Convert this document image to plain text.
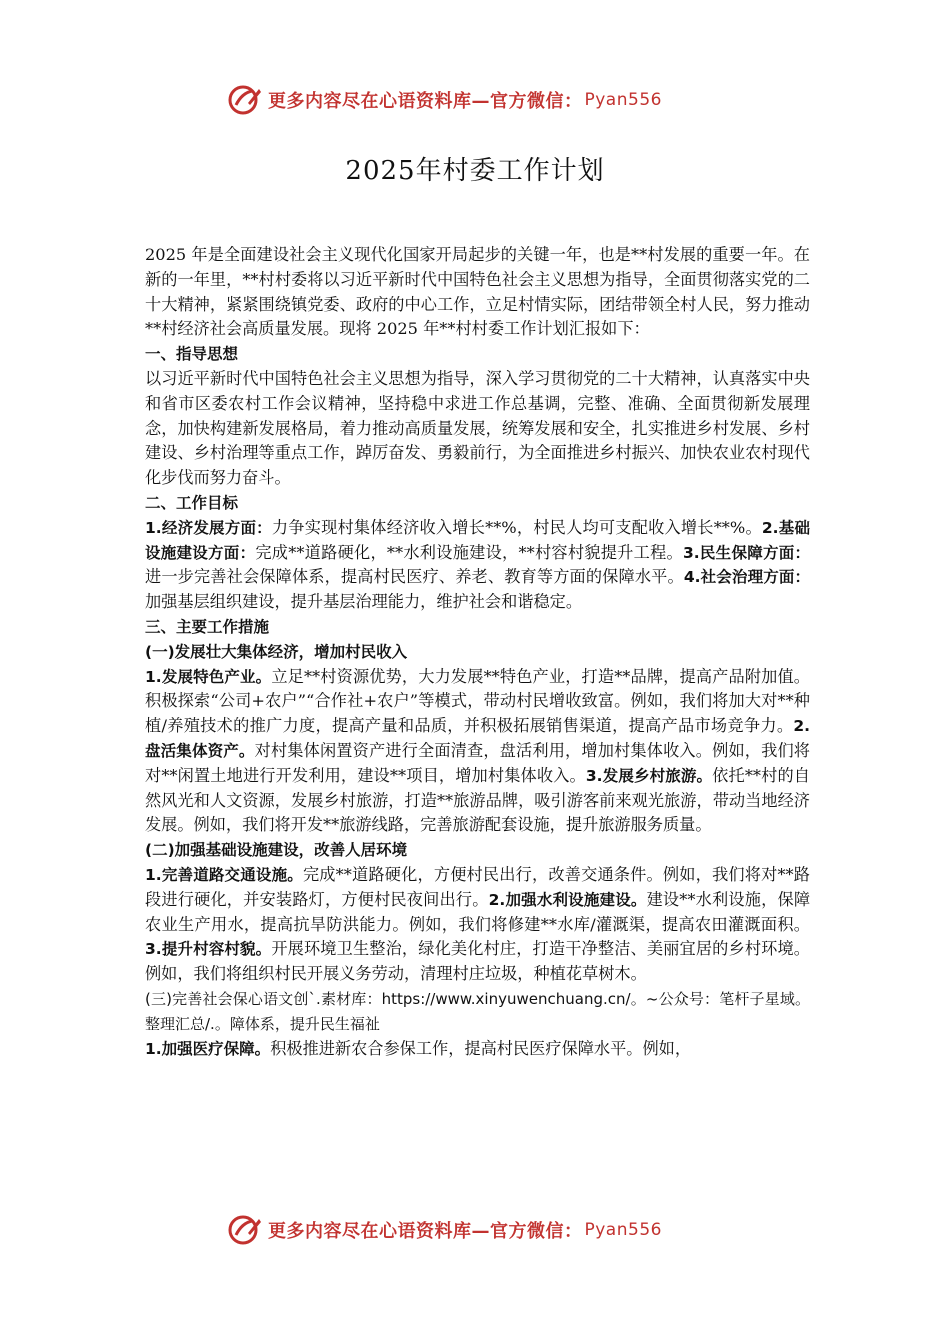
更多内容尽在心语资料库—官方微信： Pyan556
2025年村委工作计划

2025 年是全面建设社会主义现代化国家开局起步的关键一年，也是**村发展的重要一年。在新的一年里，**村村委将以习近平新时代中国特色社会主义思想为指导，全面贯彻落实党的二十大精神，紧紧围绕镇党委、政府的中心工作，立足村情实际，团结带领全村人民，努力推动**村经济社会高质量发展。现将 2025 年**村村委工作计划汇报如下：

一、指导思想

以习近平新时代中国特色社会主义思想为指导，深入学习贯彻党的二十大精神，认真落实中央和省市区委农村工作会议精神，坚持稳中求进工作总基调，完整、准确、全面贯彻新发展理念，加快构建新发展格局，着力推动高质量发展，统筹发展和安全，扎实推进乡村发展、乡村建设、乡村治理等重点工作，踔厉奋发、勇毅前行，为全面推进乡村振兴、加快农业农村现代化步伐而努力奋斗。

二、工作目标

1.经济发展方面：力争实现村集体经济收入增长**%，村民人均可支配收入增长**%。2.基础设施建设方面：完成**道路硬化，**水利设施建设，**村容村貌提升工程。3.民生保障方面：进一步完善社会保障体系，提高村民医疗、养老、教育等方面的保障水平。4.社会治理方面：加强基层组织建设，提升基层治理能力，维护社会和谐稳定。

三、主要工作措施

(一)发展壮大集体经济，增加村民收入

1.发展特色产业。立足**村资源优势，大力发展**特色产业，打造**品牌，提高产品附加值。积极探索“公司+农户”“合作社+农户”等模式，带动村民增收致富。例如，我们将加大对**种植/养殖技术的推广力度，提高产量和品质，并积极拓展销售渠道，提高产品市场竞争力。2.盘活集体资产。对村集体闲置资产进行全面清查，盘活利用，增加村集体收入。例如，我们将对**闲置土地进行开发利用，建设**项目，增加村集体收入。3.发展乡村旅游。依托**村的自然风光和人文资源，发展乡村旅游，打造**旅游品牌，吸引游客前来观光旅游，带动当地经济发展。例如，我们将开发**旅游线路，完善旅游配套设施，提升旅游服务质量。

(二)加强基础设施建设，改善人居环境

1.完善道路交通设施。完成**道路硬化，方便村民出行，改善交通条件。例如，我们将对**路段进行硬化，并安装路灯，方便村民夜间出行。2.加强水利设施建设。建设**水利设施，保障农业生产用水，提高抗旱防洪能力。例如，我们将修建**水库/灌溉渠，提高农田灌溉面积。3.提升村容村貌。开展环境卫生整治，绿化美化村庄，打造干净整洁、美丽宜居的乡村环境。例如，我们将组织村民开展义务劳动，清理村庄垃圾，种植花草树木。

(三)完善社会保心语文创`.素材库：https://www.xinyuwenchuang.cn/。~公众号：笔杆子星域。整理汇总/.。障体系，提升民生福祉

1.加强医疗保障。积极推进新农合参保工作，提高村民医疗保障水平。例如，

更多内容尽在心语资料库—官方微信： Pyan556
